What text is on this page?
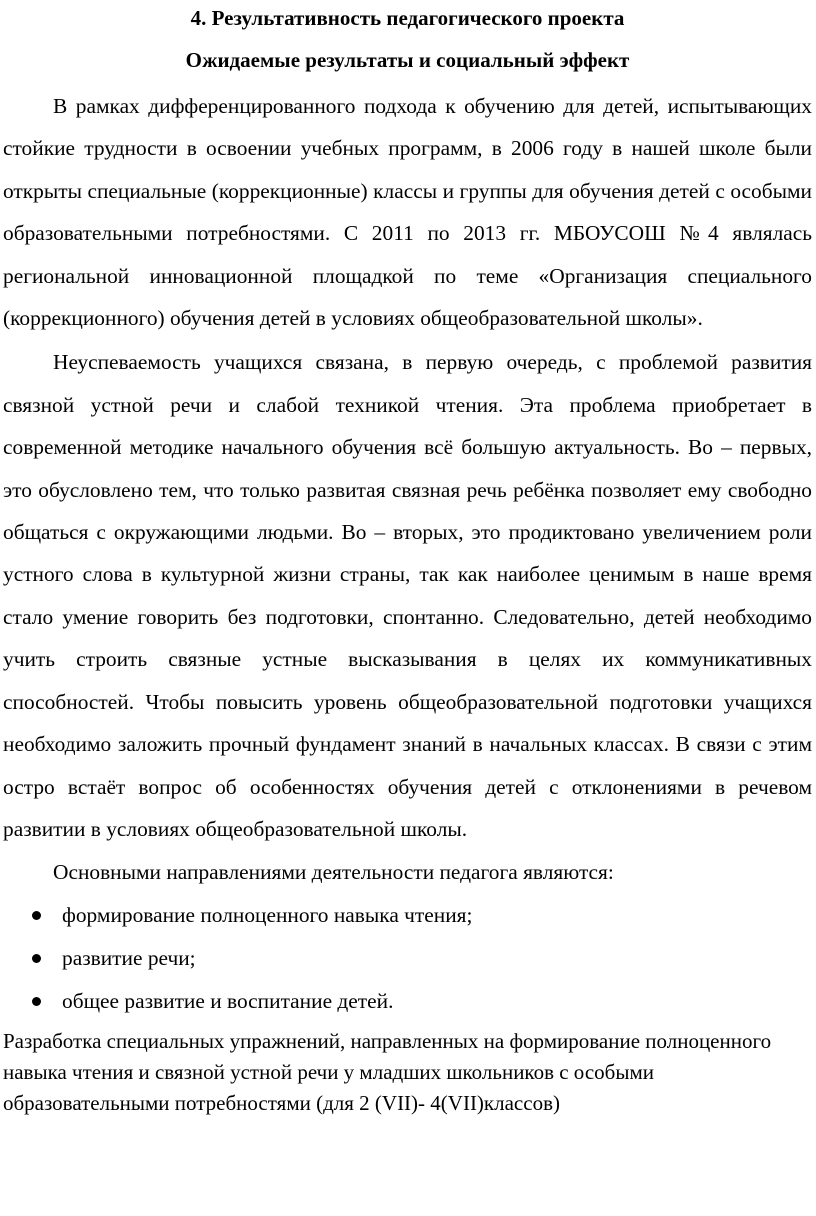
4. Результативность педагогического проекта

Ожидаемые результаты и социальный эффект

В рамках дифференцированного подхода к обучению для детей, испытывающих стойкие трудности в освоении учебных программ, в 2006 году в нашей школе были открыты специальные (коррекционные) классы и группы для обучения детей с особыми образовательными потребностями. С 2011 по 2013 гг. МБОУСОШ №4 являлась региональной инновационной площадкой по теме «Организация специального (коррекционного) обучения детей в условиях общеобразовательной школы».

Неуспеваемость учащихся связана, в первую очередь, с проблемой развития связной устной речи и слабой техникой чтения. Эта проблема приобретает в современной методике начального обучения всё большую актуальность. Во – первых, это обусловлено тем, что только развитая связная речь ребёнка позволяет ему свободно общаться с окружающими людьми. Во – вторых, это продиктовано увеличением роли устного слова в культурной жизни страны, так как наиболее ценимым в наше время стало умение говорить без подготовки, спонтанно. Следовательно, детей необходимо учить строить связные устные высказывания в целях их коммуникативных способностей. Чтобы повысить уровень общеобразовательной подготовки учащихся необходимо заложить прочный фундамент знаний в начальных классах. В связи с этим остро встаёт вопрос об особенностях обучения детей с отклонениями в речевом развитии в условиях общеобразовательной школы.

Основными направлениями деятельности педагога являются:

формирование полноценного навыка чтения;
развитие речи;
общее развитие и воспитание детей.

Разработка специальных упражнений, направленных на формирование полноценного навыка чтения и связной устной речи у младших школьников с особыми образовательными потребностями (для 2 (VII)- 4(VII)классов)
